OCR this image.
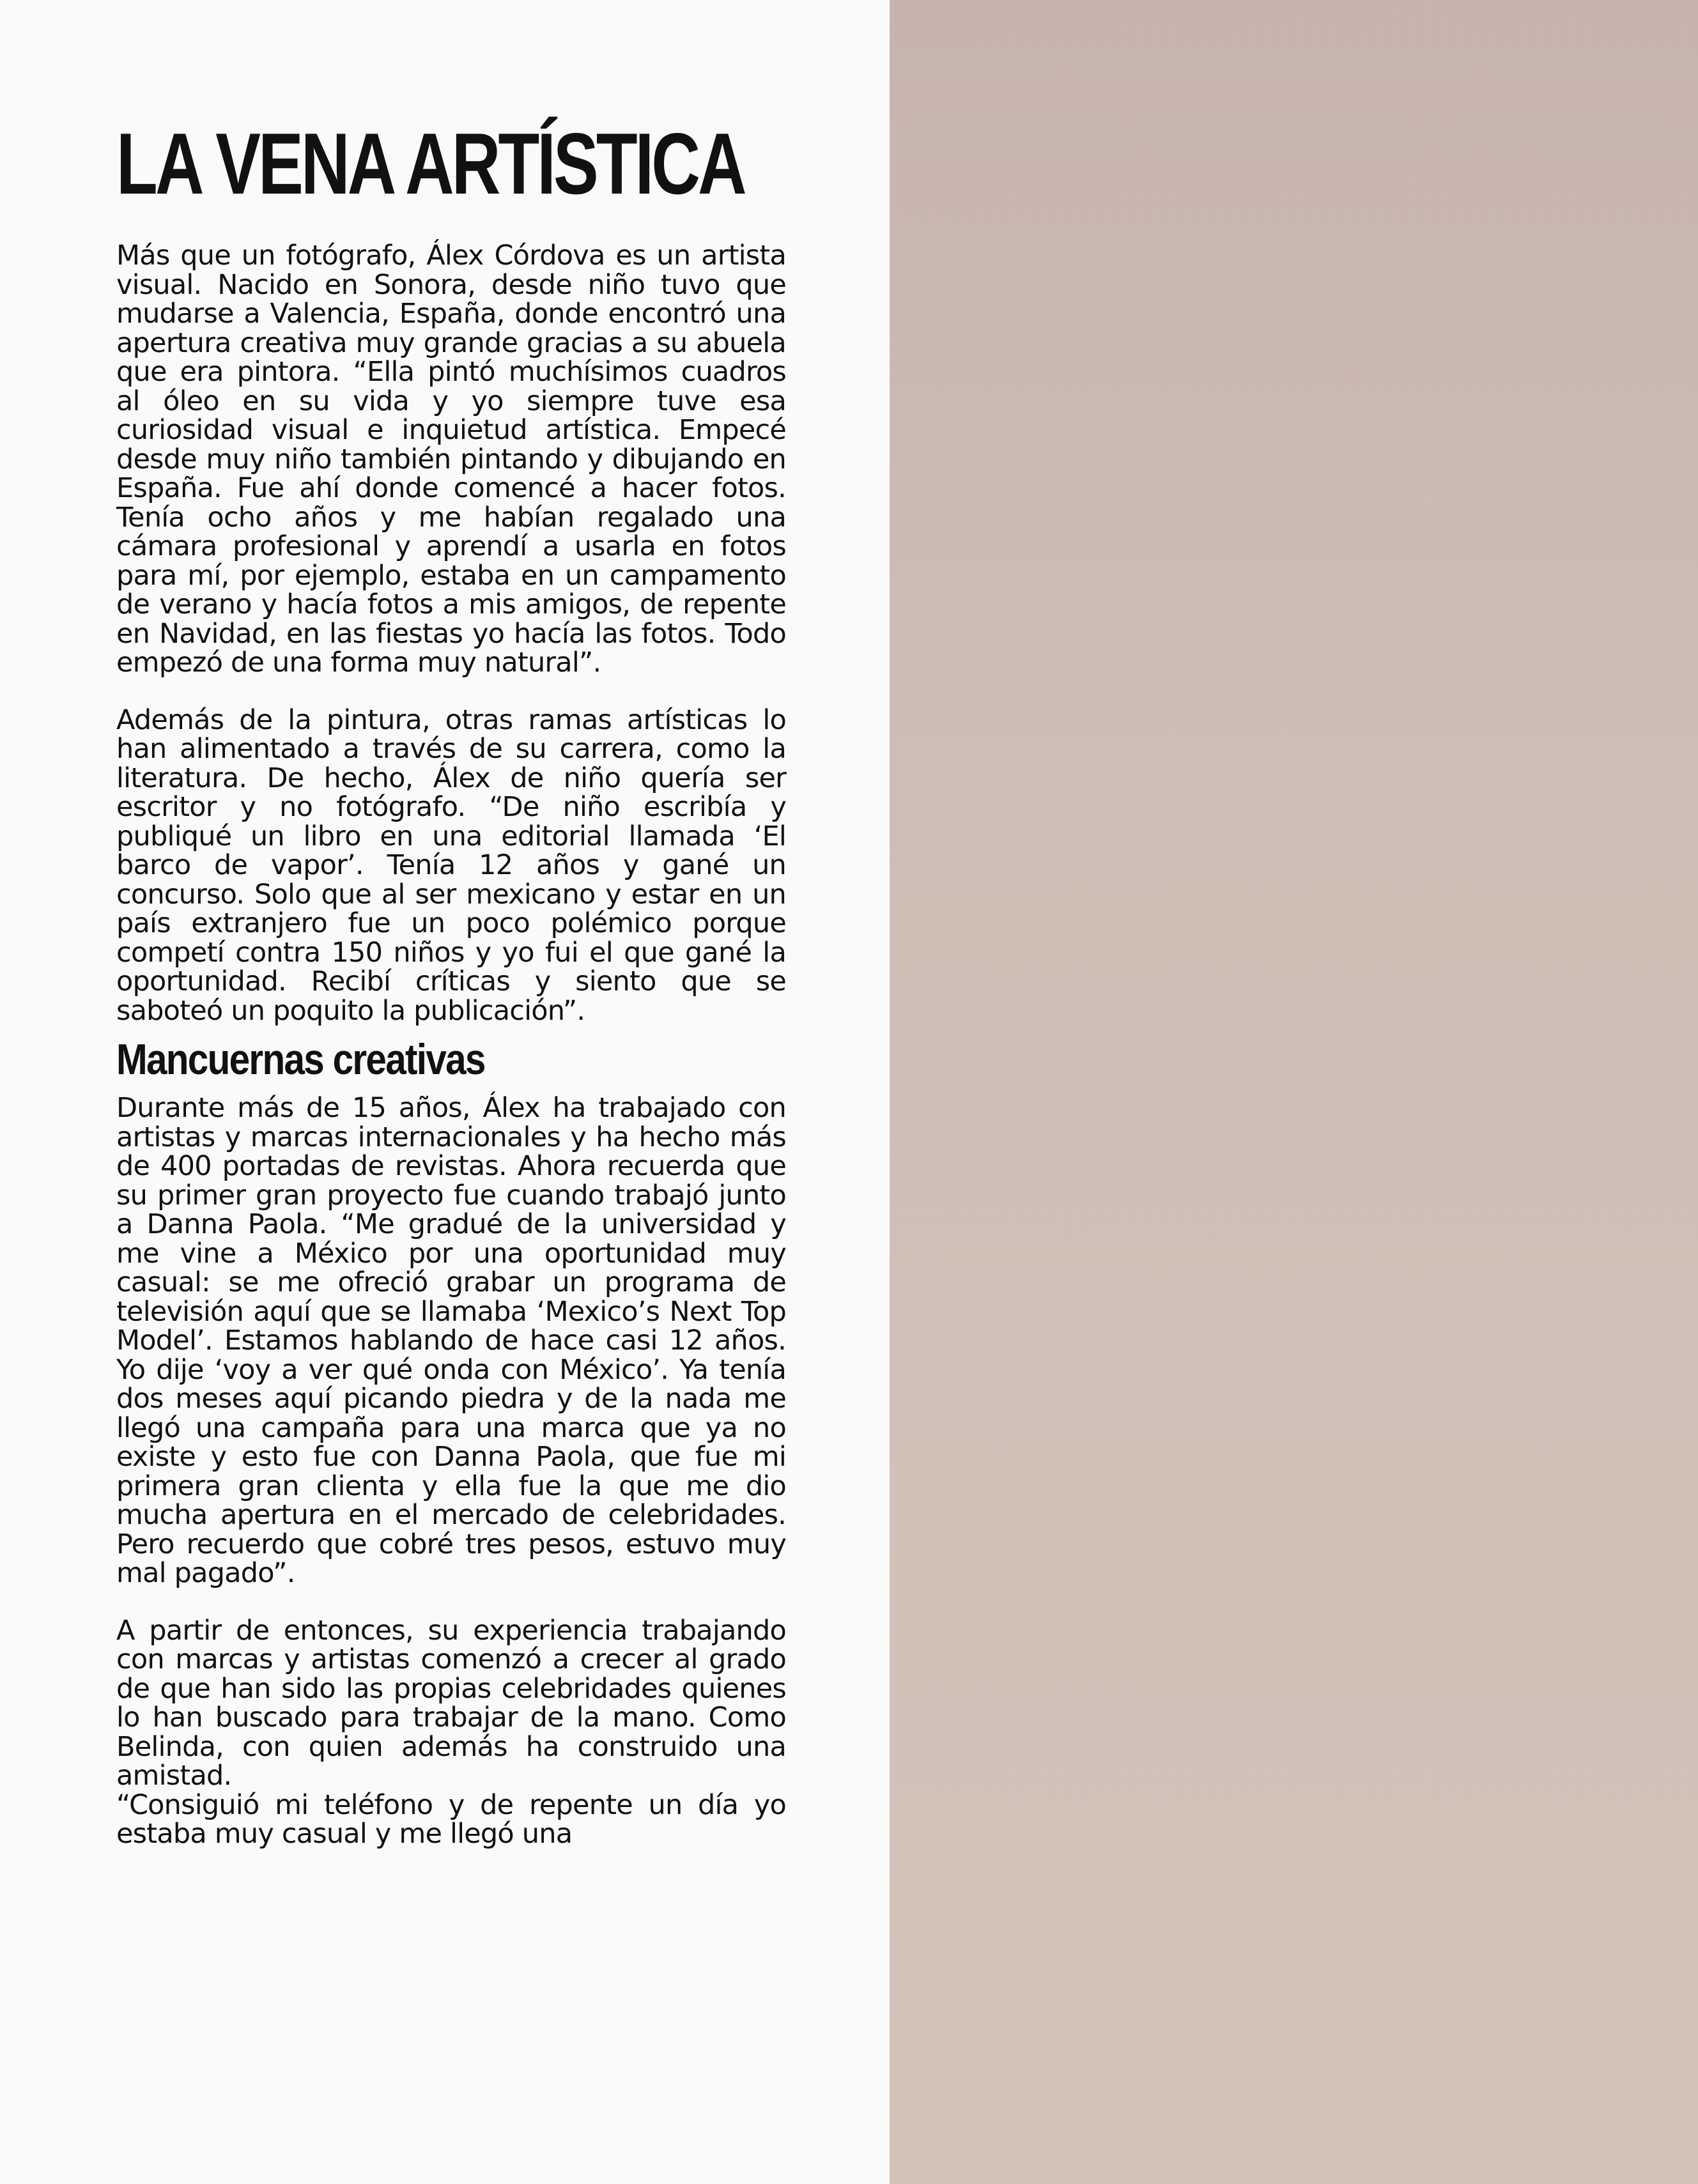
LA VENA ARTÍSTICA

Más que un fotógrafo, Álex Córdova es un artista visual. Nacido en Sonora, desde niño tuvo que mudarse a Valencia, España, donde encontró una apertura creativa muy grande gracias a su abuela que era pintora. “Ella pintó muchísimos cuadros al óleo en su vida y yo siempre tuve esa curiosidad visual e inquietud artística. Empecé desde muy niño también pintando y dibujando en España. Fue ahí donde comencé a hacer fotos. Tenía ocho años y me habían regalado una cámara profesional y aprendí a usarla en fotos para mí, por ejemplo, estaba en un campamento de verano y hacía fotos a mis amigos, de repente en Navidad, en las fiestas yo hacía las fotos. Todo empezó de una forma muy natural”.

Además de la pintura, otras ramas artísticas lo han alimentado a través de su carrera, como la literatura. De hecho, Álex de niño quería ser escritor y no fotógrafo. “De niño escribía y publiqué un libro en una editorial llamada ‘El barco de vapor’. Tenía 12 años y gané un concurso. Solo que al ser mexicano y estar en un país extranjero fue un poco polémico porque competí contra 150 niños y yo fui el que gané la oportunidad. Recibí críticas y siento que se saboteó un poquito la publicación”.

Mancuernas creativas

Durante más de 15 años, Álex ha trabajado con artistas y marcas internacionales y ha hecho más de 400 portadas de revistas. Ahora recuerda que su primer gran proyecto fue cuando trabajó junto a Danna Paola. “Me gradué de la universidad y me vine a México por una oportunidad muy casual: se me ofreció grabar un programa de televisión aquí que se llamaba ‘Mexico’s Next Top Model’. Estamos hablando de hace casi 12 años. Yo dije ‘voy a ver qué onda con México’. Ya tenía dos meses aquí picando piedra y de la nada me llegó una campaña para una marca que ya no existe y esto fue con Danna Paola, que fue mi primera gran clienta y ella fue la que me dio mucha apertura en el mercado de celebridades. Pero recuerdo que cobré tres pesos, estuvo muy mal pagado”.

A partir de entonces, su experiencia trabajando con marcas y artistas comenzó a crecer al grado de que han sido las propias celebridades quienes lo han buscado para trabajar de la mano. Como Belinda, con quien además ha construido una amistad.

“Consiguió mi teléfono y de repente un día yo estaba muy casual y me llegó una
